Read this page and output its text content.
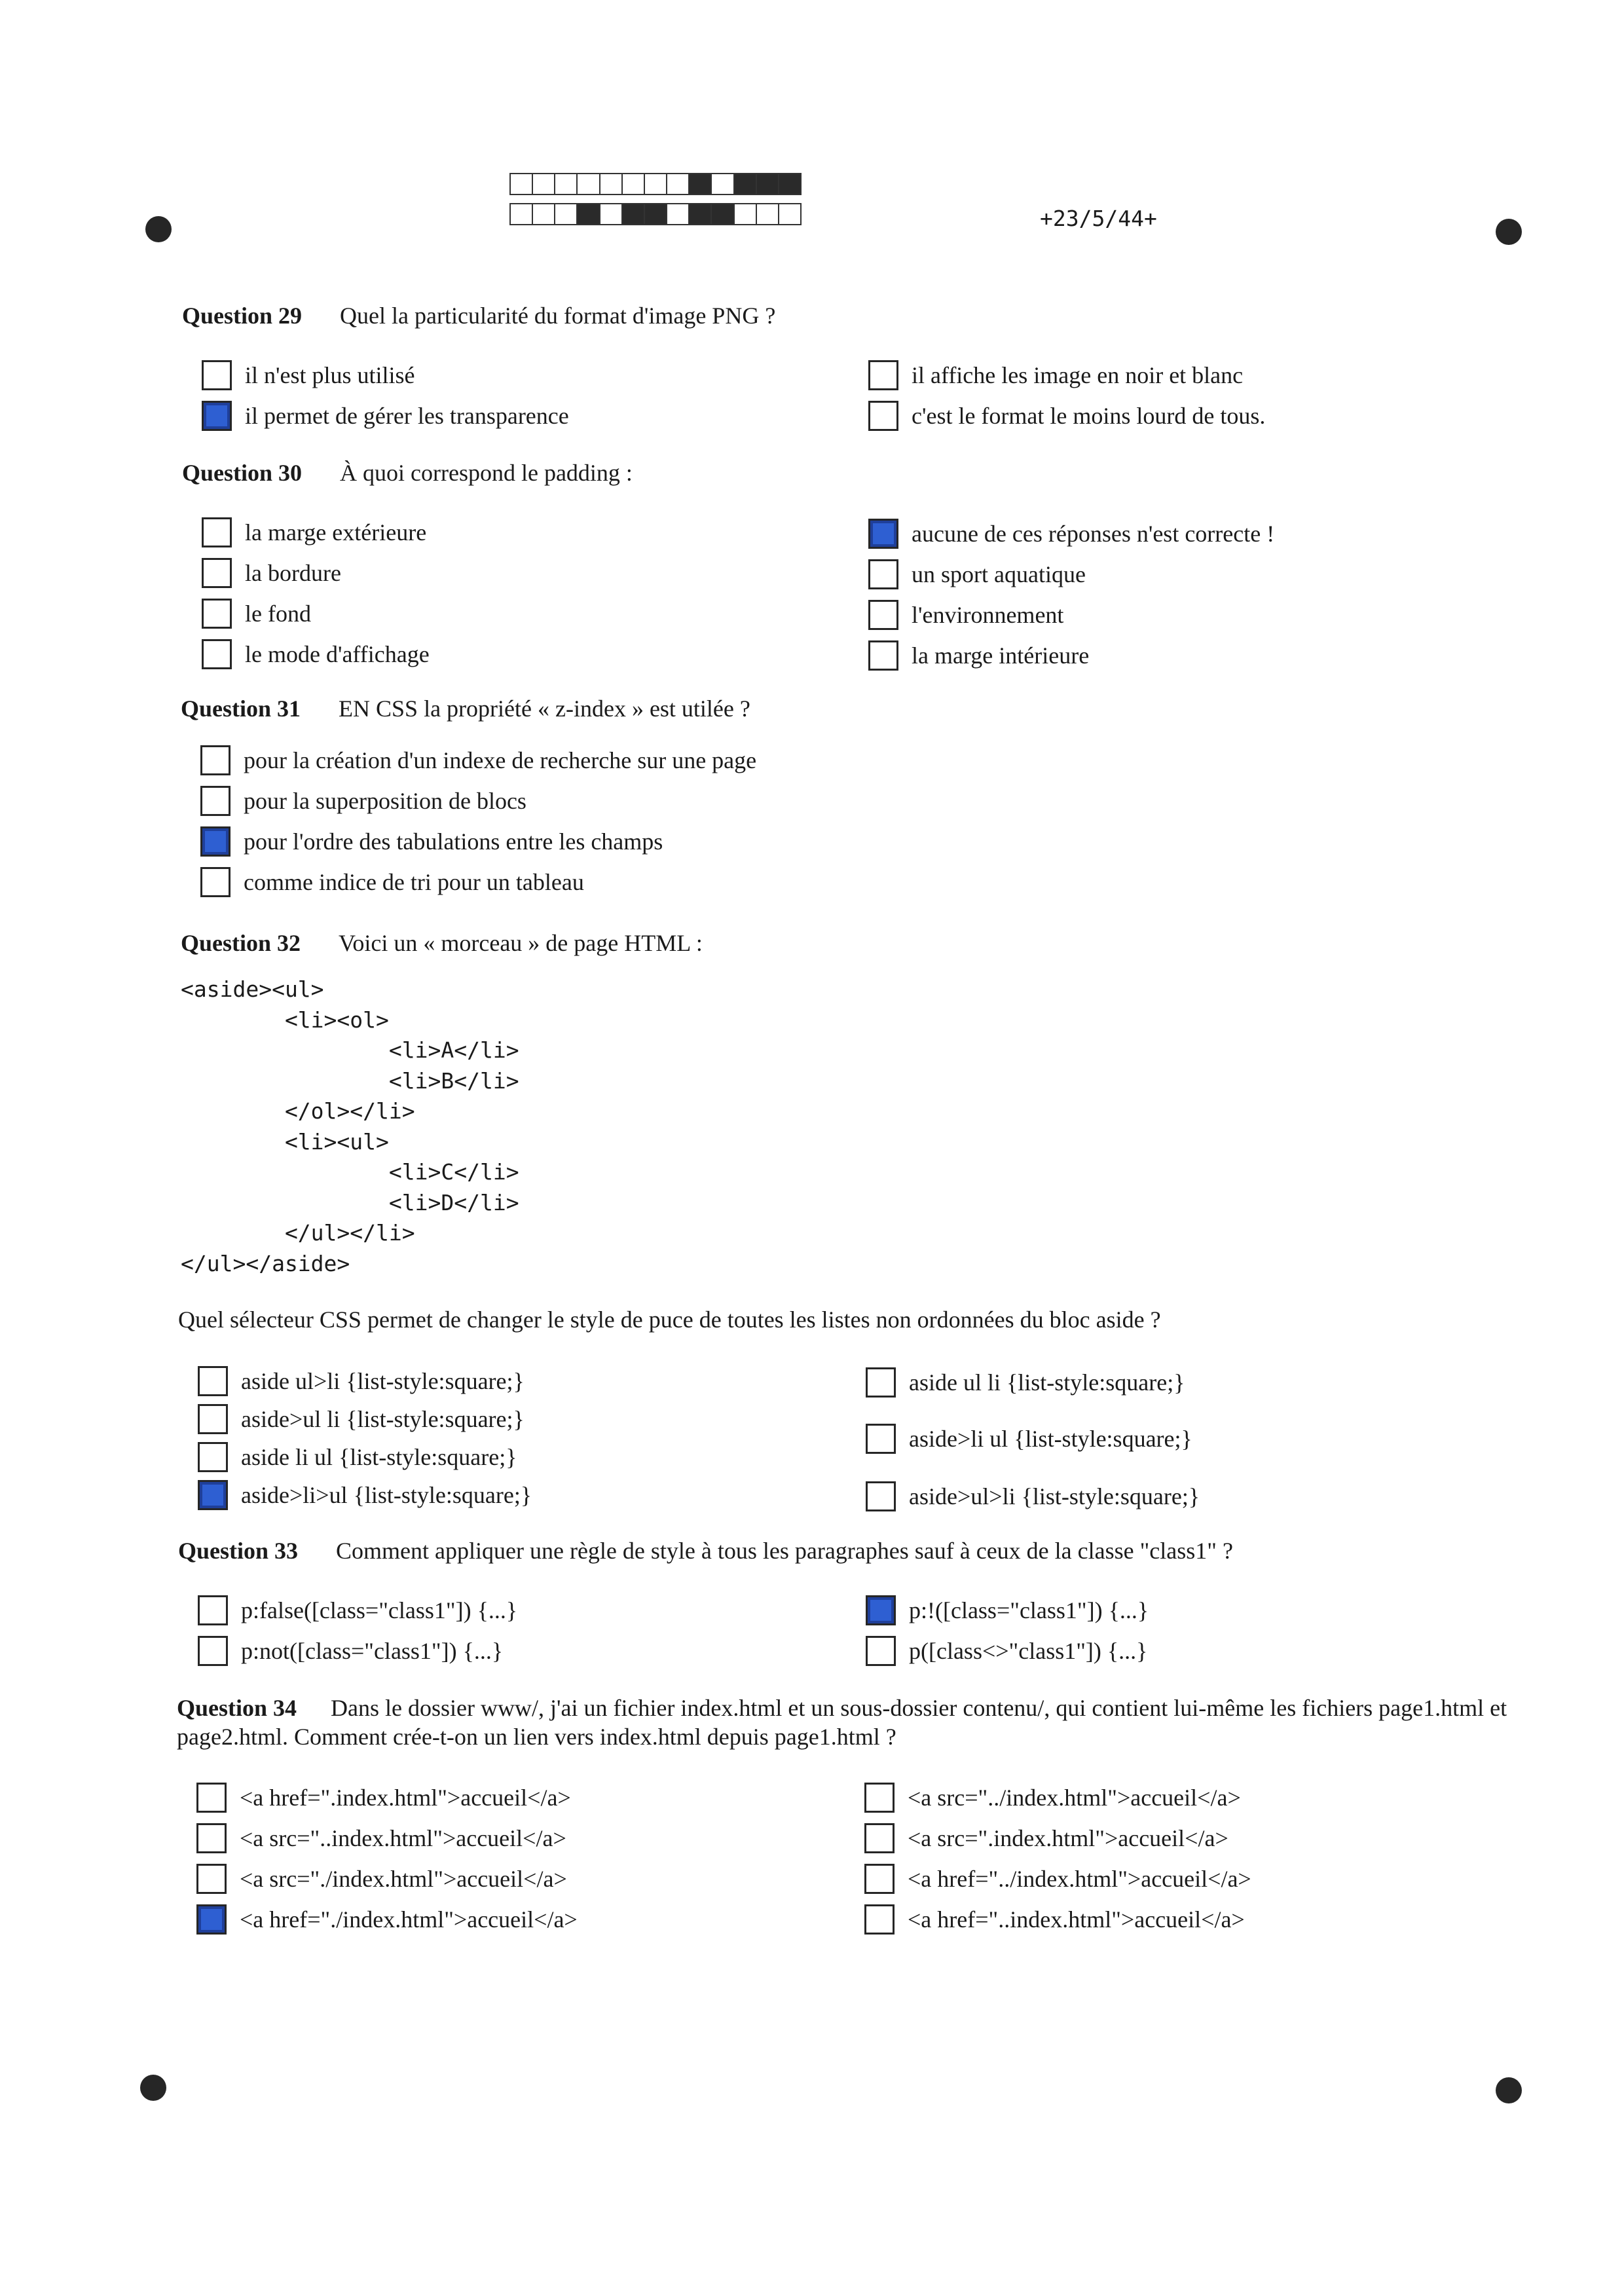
+23/5/44+
Question 29 Quel la particularité du format d'image PNG ?
il n'est plus utilisé
il permet de gérer les transparence
il affiche les image en noir et blanc
c'est le format le moins lourd de tous.
Question 30 À quoi correspond le padding :
la marge extérieure
la bordure
le fond
le mode d'affichage
aucune de ces réponses n'est correcte !
un sport aquatique
l'environnement
la marge intérieure
Question 31 EN CSS la propriété « z-index » est utilée ?
pour la création d'un indexe de recherche sur une page
pour la superposition de blocs
pour l'ordre des tabulations entre les champs
comme indice de tri pour un tableau
Question 32 Voici un « morceau » de page HTML :
<aside><ul>
<li><ol>
<li>A</li>
<li>B</li>
</ol></li>
<li><ul>
<li>C</li>
<li>D</li>
</ul></li>
</ul></aside>
Quel sélecteur CSS permet de changer le style de puce de toutes les listes non ordonnées du bloc aside ?
aside ul>li {list-style:square;}
aside>ul li {list-style:square;}
aside li ul {list-style:square;}
aside>li>ul {list-style:square;}
aside ul li {list-style:square;}
aside>li ul {list-style:square;}
aside>ul>li {list-style:square;}
Question 33 Comment appliquer une règle de style à tous les paragraphes sauf à ceux de la classe "class1" ?
p:false([class="class1"]) {...}
p:not([class="class1"]) {...}
p:!([class="class1"]) {...}
p([class<>"class1"]) {...}
Question 34 Dans le dossier www/, j'ai un fichier index.html et un sous-dossier contenu/, qui contient lui-même les fichiers page1.html et page2.html. Comment crée-t-on un lien vers index.html depuis page1.html ?
<a href=".index.html">accueil</a>
<a src="..index.html">accueil</a>
<a src="./index.html">accueil</a>
<a href="./index.html">accueil</a>
<a src="../index.html">accueil</a>
<a src=".index.html">accueil</a>
<a href="../index.html">accueil</a>
<a href="..index.html">accueil</a>
